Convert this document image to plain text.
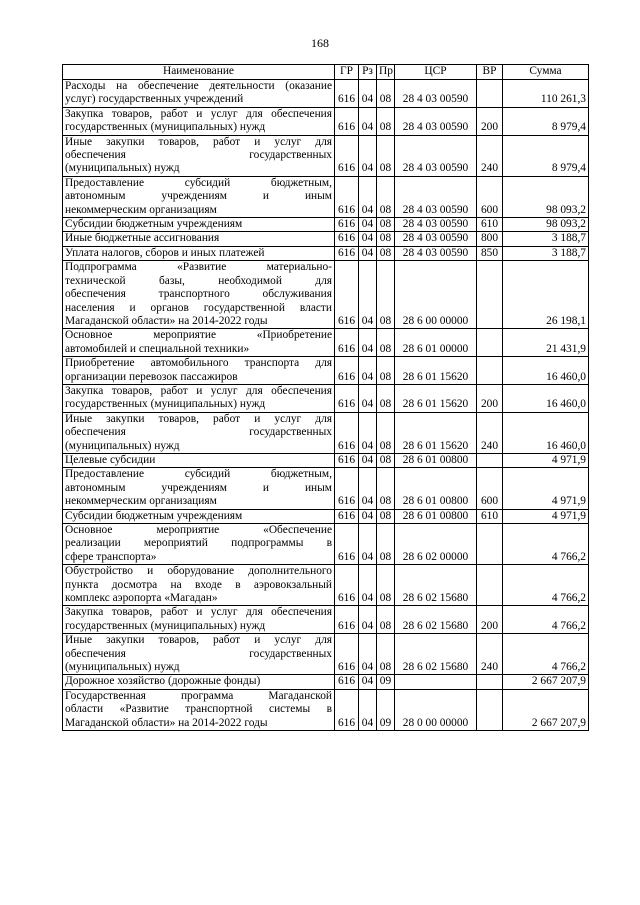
168
Наименование	ГР	Рз	Пр	ЦСР	ВР	Сумма

Расходы на обеспечение деятельности (оказание
услуг) государственных учреждений	616	04	08	28 4 03 00590		110 261,3

Закупка товаров, работ и услуг для обеспечения
государственных (муниципальных) нужд	616	04	08	28 4 03 00590	200	8 979,4

Иные закупки товаров, работ и услуг для
обеспечения государственных
(муниципальных) нужд	616	04	08	28 4 03 00590	240	8 979,4

Предоставление субсидий бюджетным,
автономным учреждениям и иным
некоммерческим организациям	616	04	08	28 4 03 00590	600	98 093,2

Субсидии бюджетным учреждениям	616	04	08	28 4 03 00590	610	98 093,2

Иные бюджетные ассигнования	616	04	08	28 4 03 00590	800	3 188,7

Уплата налогов, сборов и иных платежей	616	04	08	28 4 03 00590	850	3 188,7

Подпрограмма «Развитие материально-
технической базы, необходимой для
обеспечения транспортного обслуживания
населения и органов государственной власти
Магаданской области» на 2014-2022 годы	616	04	08	28 6 00 00000		26 198,1

Основное мероприятие «Приобретение
автомобилей и специальной техники»	616	04	08	28 6 01 00000		21 431,9

Приобретение автомобильного транспорта для
организации перевозок пассажиров	616	04	08	28 6 01 15620		16 460,0

Закупка товаров, работ и услуг для обеспечения
государственных (муниципальных) нужд	616	04	08	28 6 01 15620	200	16 460,0

Иные закупки товаров, работ и услуг для
обеспечения государственных
(муниципальных) нужд	616	04	08	28 6 01 15620	240	16 460,0

Целевые субсидии	616	04	08	28 6 01 00800		4 971,9

Предоставление субсидий бюджетным,
автономным учреждениям и иным
некоммерческим организациям	616	04	08	28 6 01 00800	600	4 971,9

Субсидии бюджетным учреждениям	616	04	08	28 6 01 00800	610	4 971,9

Основное мероприятие «Обеспечение
реализации мероприятий подпрограммы в
сфере транспорта»	616	04	08	28 6 02 00000		4 766,2

Обустройство и оборудование дополнительного
пункта досмотра на входе в аэровокзальный
комплекс аэропорта «Магадан»	616	04	08	28 6 02 15680		4 766,2

Закупка товаров, работ и услуг для обеспечения
государственных (муниципальных) нужд	616	04	08	28 6 02 15680	200	4 766,2

Иные закупки товаров, работ и услуг для
обеспечения государственных
(муниципальных) нужд	616	04	08	28 6 02 15680	240	4 766,2

Дорожное хозяйство (дорожные фонды)	616	04	09			2 667 207,9

Государственная программа Магаданской
области «Развитие транспортной системы в
Магаданской области» на 2014-2022 годы	616	04	09	28 0 00 00000		2 667 207,9
